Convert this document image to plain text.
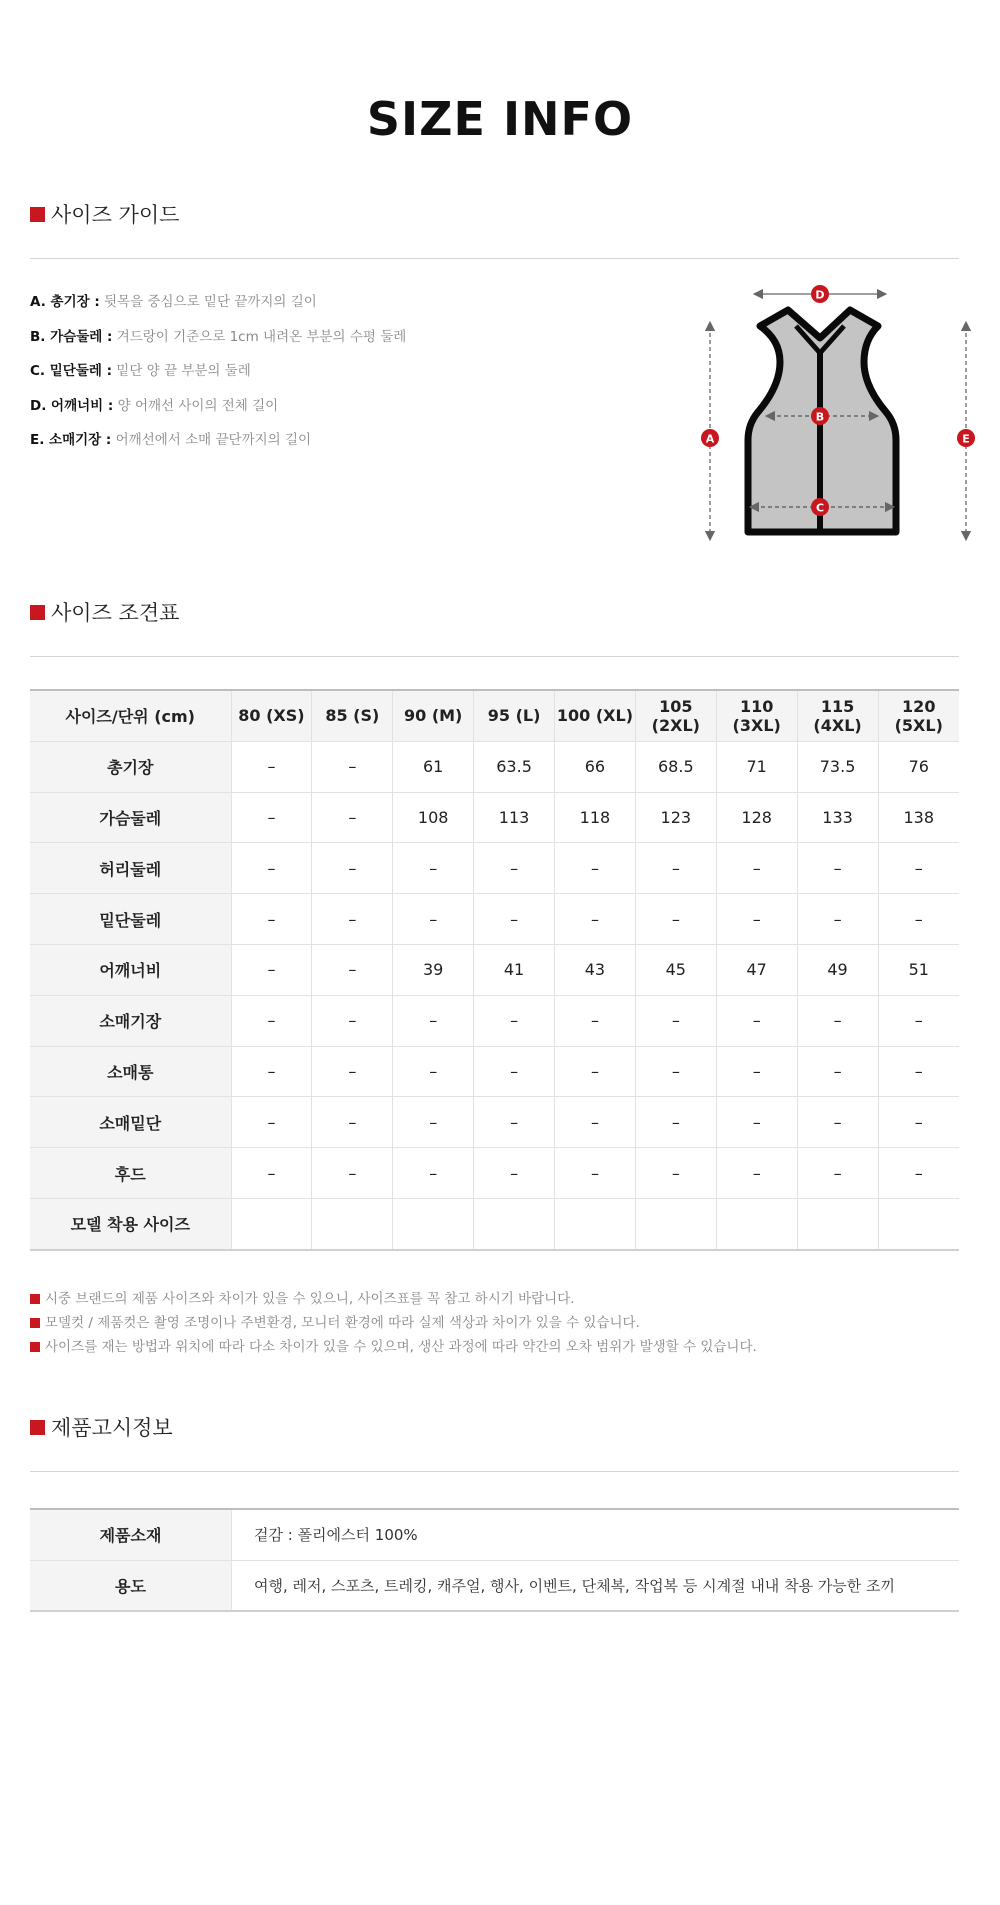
SIZE INFO
사이즈 가이드
A. 총기장 : 뒷목을 중심으로 밑단 끝까지의 길이
B. 가슴둘레 : 겨드랑이 기준으로 1cm 내려온 부분의 수평 둘레
C. 밑단둘레 : 밑단 양 끝 부분의 둘레
D. 어깨너비 : 양 어깨선 사이의 전체 길이
E. 소매기장 : 어깨선에서 소매 끝단까지의 길이
D
B
C
A	E
사이즈 조견표
사이즈/단위 (cm)	80 (XS)	85 (S)	90 (M)	95 (L)	100 (XL)	105 (2XL)	110 (3XL)	115 (4XL)	120 (5XL)
총기장	–	–	61	63.5	66	68.5	71	73.5	76
가슴둘레	–	–	108	113	118	123	128	133	138
허리둘레	–	–	–	–	–	–	–	–	–
밑단둘레	–	–	–	–	–	–	–	–	–
어깨너비	–	–	39	41	43	45	47	49	51
소매기장	–	–	–	–	–	–	–	–	–
소매통	–	–	–	–	–	–	–	–	–
소매밑단	–	–	–	–	–	–	–	–	–
후드	–	–	–	–	–	–	–	–	–
모델 착용 사이즈									
시중 브랜드의 제품 사이즈와 차이가 있을 수 있으니, 사이즈표를 꼭 참고 하시기 바랍니다.
모델컷 / 제품컷은 촬영 조명이나 주변환경, 모니터 환경에 따라 실제 색상과 차이가 있을 수 있습니다.
사이즈를 재는 방법과 위치에 따라 다소 차이가 있을 수 있으며, 생산 과정에 따라 약간의 오차 범위가 발생할 수 있습니다.
제품고시정보
제품소재	겉감 : 폴리에스터 100%
용도	여행, 레저, 스포츠, 트레킹, 캐주얼, 행사, 이벤트, 단체복, 작업복 등 시계절 내내 착용 가능한 조끼
